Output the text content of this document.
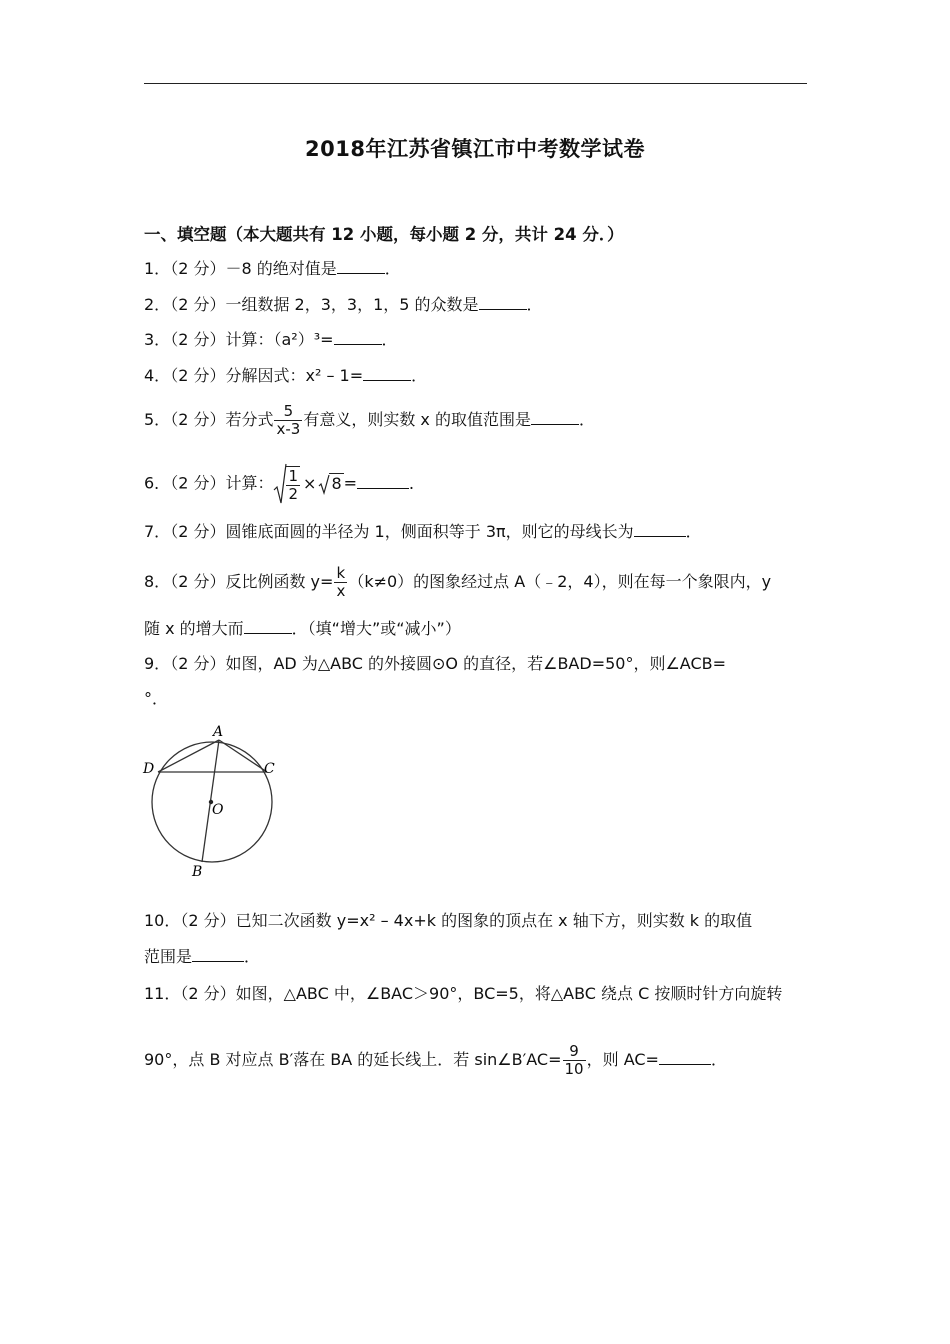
2018年江苏省镇江市中考数学试卷
一、填空题（本大题共有 12 小题，每小题 2 分，共计 24 分．）
1．（2 分）－8 的绝对值是	．
2．（2 分）一组数据 2，3，3，1，5 的众数是	．
3．（2 分）计算：（a²）³=	．
4．（2 分）分解因式：x² – 1=	．
5．（2 分）若分式 $\frac{5}{x-3}$ 有意义，则实数 x 的取值范围是	．
6．（2 分）计算： $\frac{1}{2} \times 8$ =	．
7．（2 分）圆锥底面圆的半径为 1，侧面积等于 3π，则它的母线长为	．
8．（2 分）反比例函数 $y= \frac{k}{x} (k\ne 0)$的图象经过点 A（﹣2，4），则在每一个象限内，y
随 x 的增大而	．（填“增大”或“减小”）
9．（2 分）如图，AD 为△ABC 的外接圆⊙O 的直径，若∠BAD=50°，则∠ACB=
°．
A
D	C
O
B
10．（2 分）已知二次函数 y=x² – 4x+k 的图象的顶点在 x 轴下方，则实数 k 的取值
范围是	．
11．（2 分）如图，△ABC 中，∠BAC＞90°，BC=5，将△ABC 绕点 C 按顺时针方向旋转
90°，点 B 对应点 B′落在 BA 的延长线上．若 sin∠B′AC= $\frac{9}{10}$ ，则 AC=	．
